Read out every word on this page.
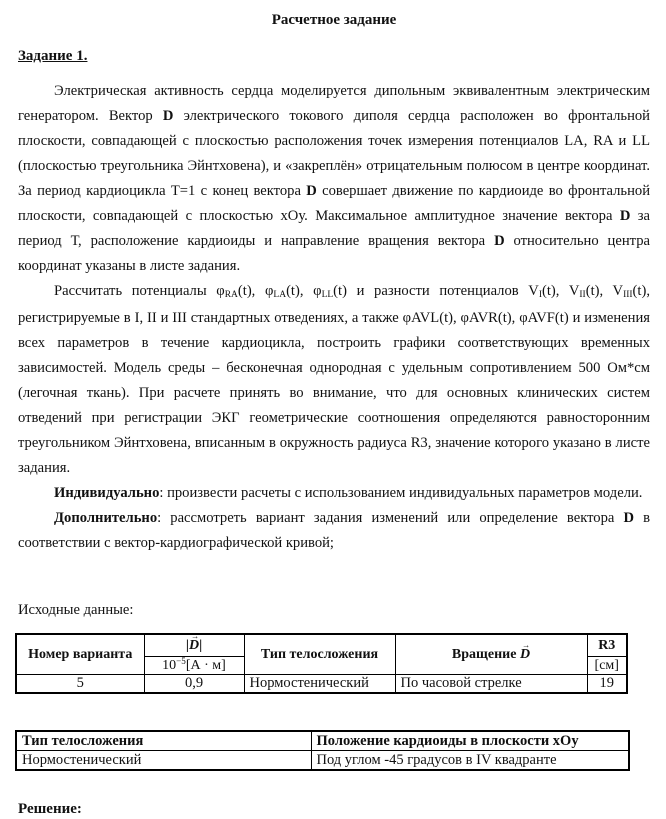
Расчетное задание
Задание 1.

Электрическая активность сердца моделируется дипольным эквивалентным электрическим генератором. Вектор D электрического токового диполя сердца расположен во фронтальной плоскости, совпадающей с плоскостью расположения точек измерения потенциалов LA, RA и LL (плоскостью треугольника Эйнтховена), и «закреплён» отрицательным полюсом в центре координат. За период кардиоцикла Т=1 с конец вектора D совершает движение по кардиоиде во фронтальной плоскости, совпадающей с плоскостью хОу. Максимальное амплитудное значение вектора D за период Т, расположение кардиоиды и направление вращения вектора D относительно центра координат указаны в листе задания.

Рассчитать потенциалы φRA(t), φLA(t), φLL(t) и разности потенциалов VI(t), VII(t), VIII(t), регистрируемые в I, II и III стандартных отведениях, а также φAVL(t), φAVR(t), φAVF(t) и изменения всех параметров в течение кардиоцикла, построить графики соответствующих временных зависимостей. Модель среды – бесконечная однородная с удельным сопротивлением 500 Ом*см (легочная ткань). При расчете принять во внимание, что для основных клинических систем отведений при регистрации ЭКГ геометрические соотношения определяются равносторонним треугольником Эйнтховена, вписанным в окружность радиуса R3, значение которого указано в листе задания.

Индивидуально: произвести расчеты с использованием индивидуальных параметров модели.

Дополнительно: рассмотреть вариант задания изменений или определение вектора D в соответствии с вектор-кардиографической кривой;

Исходные данные:

Номер варианта	|D →|	Тип телосложения	Вращение D →	R3
	$10^{-5}[А \cdot м]$			[см]
5	0,9	Нормостенический	По часовой стрелке	19
Тип телосложения	Положение кардиоиды в плоскости хОу
Нормостенический	Под углом -45 градусов в IV квадранте

Решение:
